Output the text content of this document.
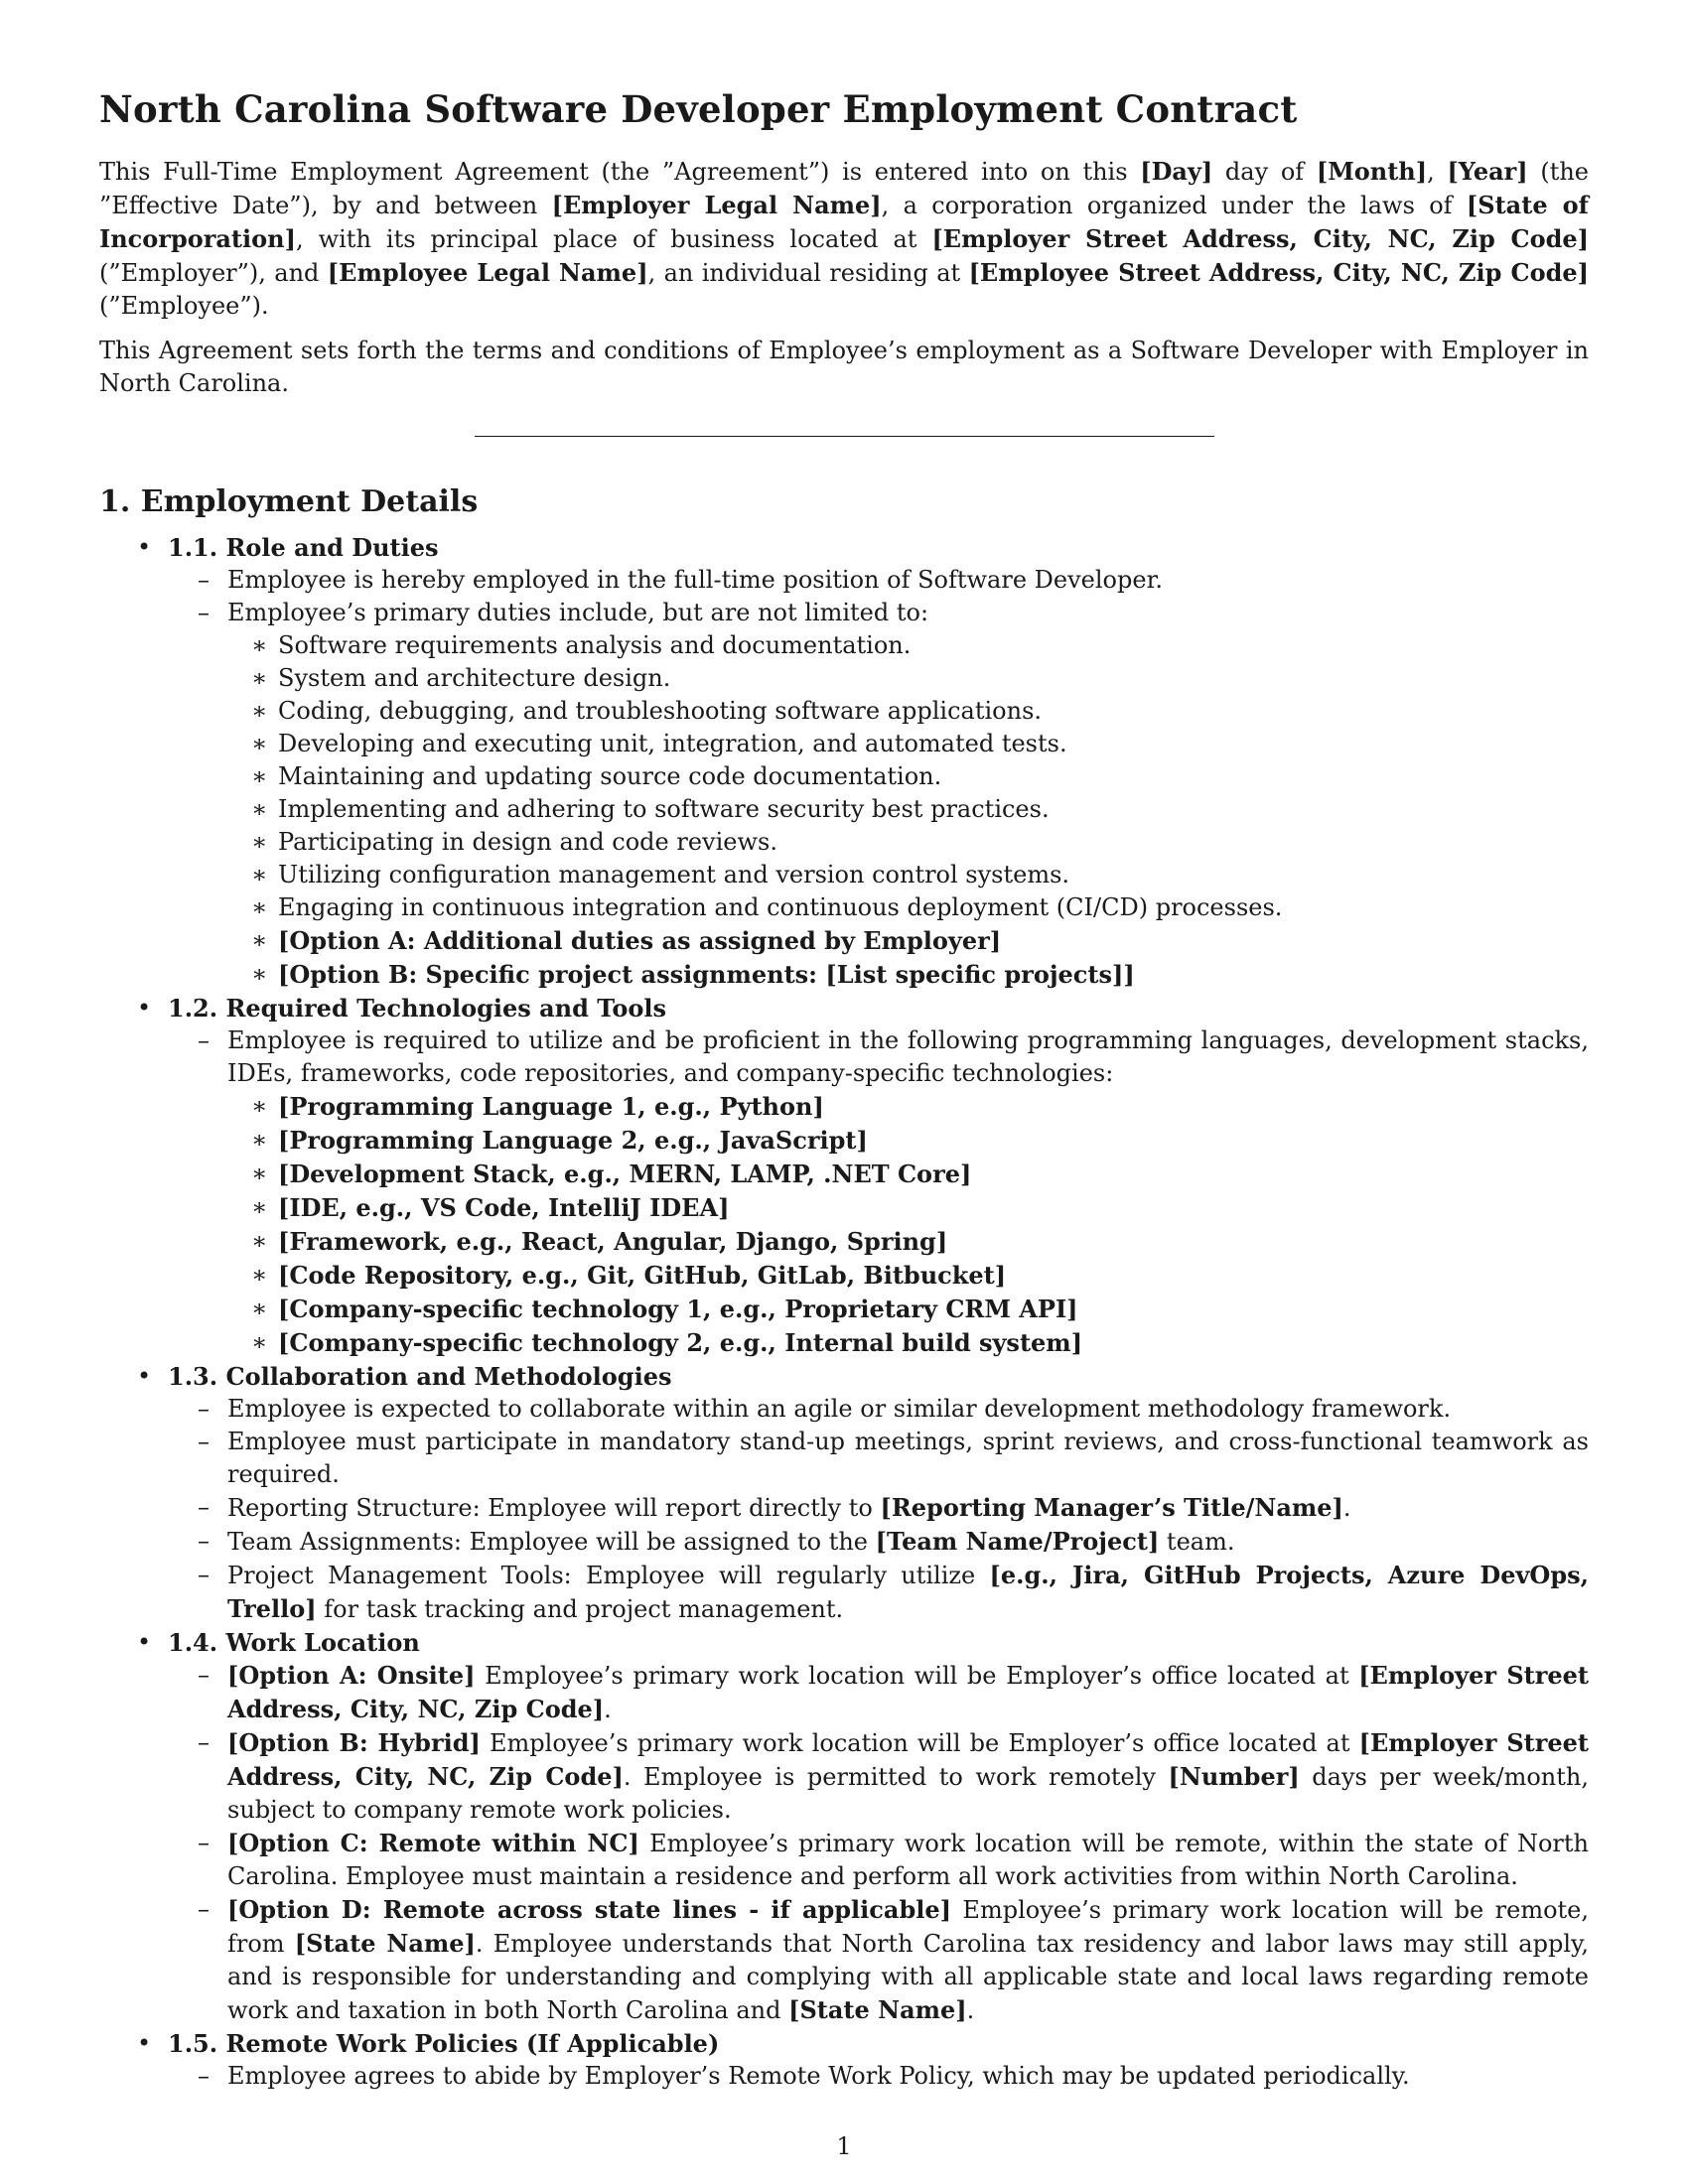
North Carolina Software Developer Employment Contract

This Full-Time Employment Agreement (the ”Agreement”) is entered into on this [Day] day of [Month], [Year] (the ”Effective Date”), by and between [Employer Legal Name], a corporation organized under the laws of [State of Incorporation], with its principal place of business located at [Employer Street Address, City, NC, Zip Code] (”Employer”), and [Employee Legal Name], an individual residing at [Employee Street Address, City, NC, Zip Code] (”Employee”).

This Agreement sets forth the terms and conditions of Employee’s employment as a Software Developer with Employer in North Carolina.

1. Employment Details
• 1.1. Role and Duties
– Employee is hereby employed in the full-time position of Software Developer.
– Employee’s primary duties include, but are not limited to:
∗ Software requirements analysis and documentation.
∗ System and architecture design.
∗ Coding, debugging, and troubleshooting software applications.
∗ Developing and executing unit, integration, and automated tests.
∗ Maintaining and updating source code documentation.
∗ Implementing and adhering to software security best practices.
∗ Participating in design and code reviews.
∗ Utilizing configuration management and version control systems.
∗ Engaging in continuous integration and continuous deployment (CI/CD) processes.
∗ [Option A: Additional duties as assigned by Employer]
∗ [Option B: Specific project assignments: [List specific projects]]
• 1.2. Required Technologies and Tools
– Employee is required to utilize and be proficient in the following programming languages, development stacks, IDEs, frameworks, code repositories, and company-specific technologies:
∗ [Programming Language 1, e.g., Python]
∗ [Programming Language 2, e.g., JavaScript]
∗ [Development Stack, e.g., MERN, LAMP, .NET Core]
∗ [IDE, e.g., VS Code, IntelliJ IDEA]
∗ [Framework, e.g., React, Angular, Django, Spring]
∗ [Code Repository, e.g., Git, GitHub, GitLab, Bitbucket]
∗ [Company-specific technology 1, e.g., Proprietary CRM API]
∗ [Company-specific technology 2, e.g., Internal build system]
• 1.3. Collaboration and Methodologies
– Employee is expected to collaborate within an agile or similar development methodology framework.
– Employee must participate in mandatory stand-up meetings, sprint reviews, and cross-functional teamwork as required.
– Reporting Structure: Employee will report directly to [Reporting Manager’s Title/Name].
– Team Assignments: Employee will be assigned to the [Team Name/Project] team.
– Project Management Tools: Employee will regularly utilize [e.g., Jira, GitHub Projects, Azure DevOps, Trello] for task tracking and project management.
• 1.4. Work Location
– [Option A: Onsite] Employee’s primary work location will be Employer’s office located at [Employer Street Address, City, NC, Zip Code].
– [Option B: Hybrid] Employee’s primary work location will be Employer’s office located at [Employer Street Address, City, NC, Zip Code]. Employee is permitted to work remotely [Number] days per week/month, subject to company remote work policies.
– [Option C: Remote within NC] Employee’s primary work location will be remote, within the state of North Carolina. Employee must maintain a residence and perform all work activities from within North Carolina.
– [Option D: Remote across state lines - if applicable] Employee’s primary work location will be remote, from [State Name]. Employee understands that North Carolina tax residency and labor laws may still apply, and is responsible for understanding and complying with all applicable state and local laws regarding remote work and taxation in both North Carolina and [State Name].
• 1.5. Remote Work Policies (If Applicable)
– Employee agrees to abide by Employer’s Remote Work Policy, which may be updated periodically.
1
